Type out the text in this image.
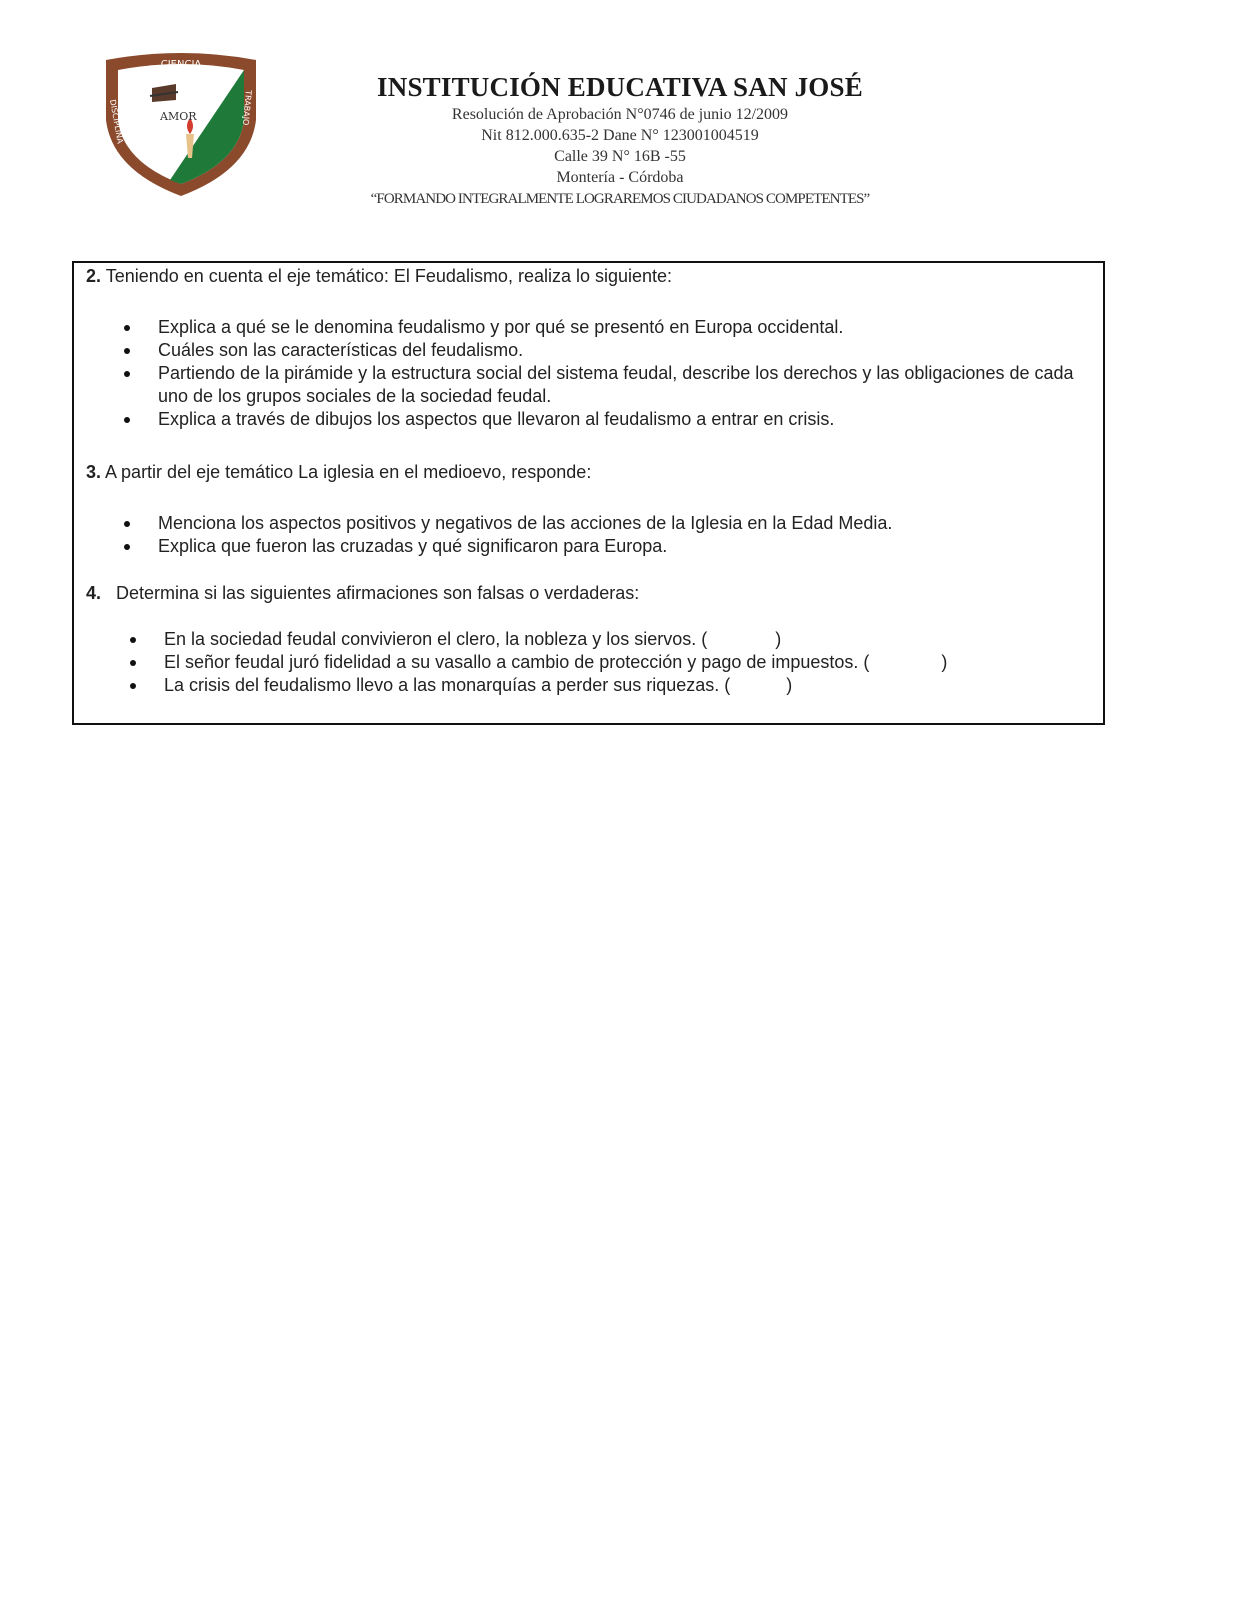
CIENCIA
AMOR
DISCIPLINA	TRABAJO

INSTITUCIÓN EDUCATIVA SAN JOSÉ

Resolución de Aprobación N°0746 de junio 12/2009

Nit 812.000.635-2 Dane N° 123001004519

Calle 39 N° 16B -55

Montería - Córdoba

“FORMANDO INTEGRALMENTE LOGRAREMOS CIUDADANOS COMPETENTES”

2. Teniendo en cuenta el eje temático: El Feudalismo, realiza lo siguiente:

Explica a qué se le denomina feudalismo y por qué se presentó en Europa occidental.
Cuáles son las características del feudalismo.
Partiendo de la pirámide y la estructura social del sistema feudal, describe los derechos y las obligaciones de cada uno de los grupos sociales de la sociedad feudal.
Explica a través de dibujos los aspectos que llevaron al feudalismo a entrar en crisis.

3. A partir del eje temático La iglesia en el medioevo, responde:

Menciona los aspectos positivos y negativos de las acciones de la Iglesia en la Edad Media.
Explica que fueron las cruzadas y qué significaron para Europa.

4. Determina si las siguientes afirmaciones son falsas o verdaderas:

En la sociedad feudal convivieron el clero, la nobleza y los siervos. (	)
El señor feudal juró fidelidad a su vasallo a cambio de protección y pago de impuestos. (	)
La crisis del feudalismo llevo a las monarquías a perder sus riquezas. (	)
